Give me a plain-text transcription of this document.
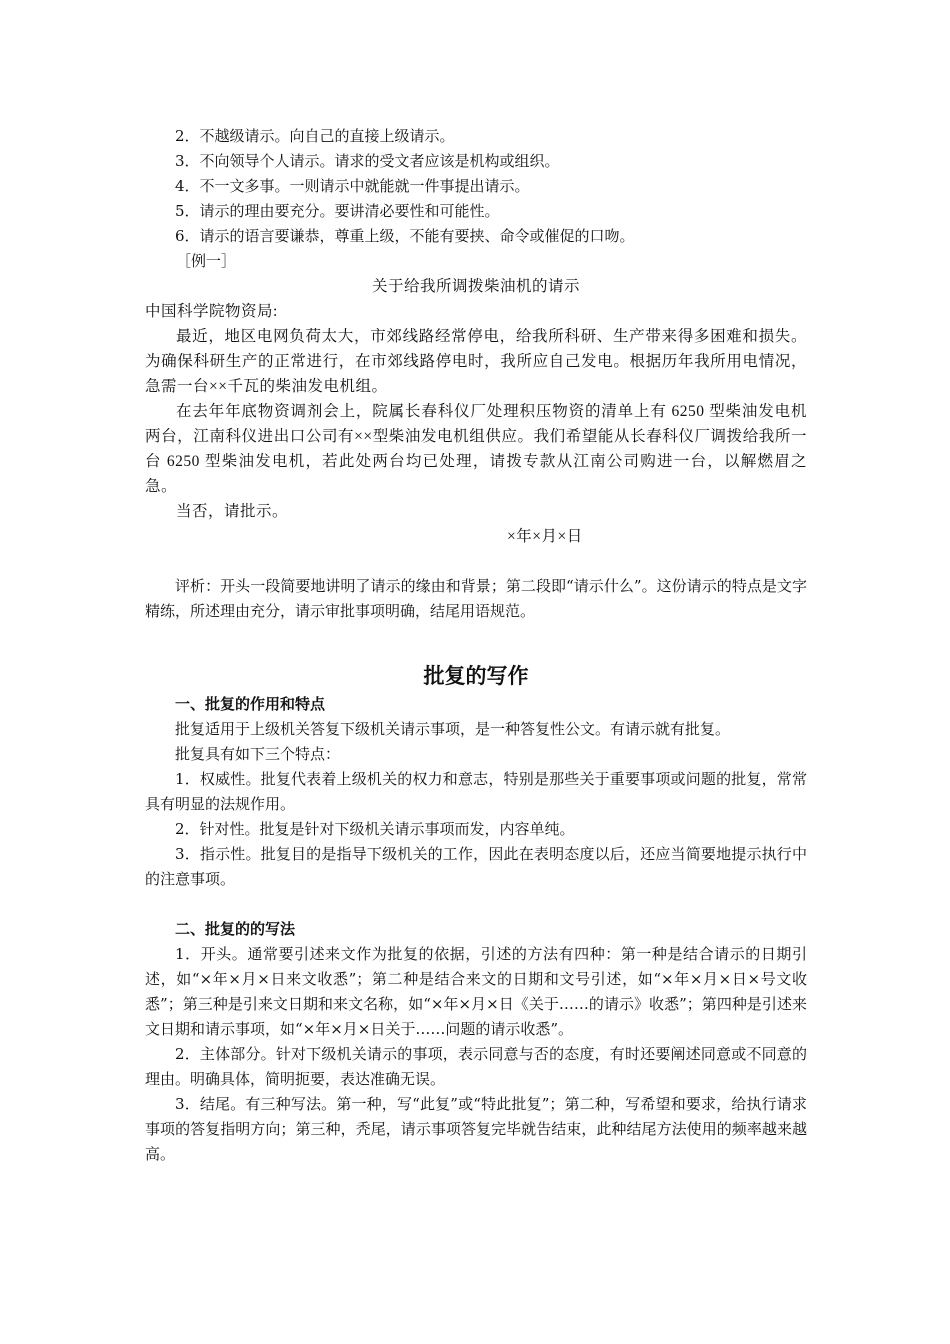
2．不越级请示。向自己的直接上级请示。

3．不向领导个人请示。请求的受文者应该是机构或组织。

4．不一文多事。一则请示中就能就一件事提出请示。

5．请示的理由要充分。要讲清必要性和可能性。

6．请示的语言要谦恭，尊重上级，不能有要挟、命令或催促的口吻。

［例一］

关于给我所调拨柴油机的请示

中国科学院物资局:

最近，地区电网负荷太大，市郊线路经常停电，给我所科研、生产带来得多困难和损失。为确保科研生产的正常进行，在市郊线路停电时，我所应自己发电。根据历年我所用电情况，急需一台××千瓦的柴油发电机组。

在去年年底物资调剂会上，院属长春科仪厂处理积压物资的清单上有 6250 型柴油发电机两台，江南科仪进出口公司有××型柴油发电机组供应。我们希望能从长春科仪厂调拨给我所一台 6250 型柴油发电机，若此处两台均已处理，请拨专款从江南公司购进一台，以解燃眉之急。

当否，请批示。

×年×月×日

评析：开头一段简要地讲明了请示的缘由和背景；第二段即“请示什么”。这份请示的特点是文字精练，所述理由充分，请示审批事项明确，结尾用语规范。

批复的写作

一、批复的作用和特点

批复适用于上级机关答复下级机关请示事项，是一种答复性公文。有请示就有批复。

批复具有如下三个特点：

1．权威性。批复代表着上级机关的权力和意志，特别是那些关于重要事项或问题的批复，常常具有明显的法规作用。

2．针对性。批复是针对下级机关请示事项而发，内容单纯。

3．指示性。批复目的是指导下级机关的工作，因此在表明态度以后，还应当简要地提示执行中的注意事项。

二、批复的的写法

1．开头。通常要引述来文作为批复的依据，引述的方法有四种：第一种是结合请示的日期引述，如“×年×月×日来文收悉”；第二种是结合来文的日期和文号引述，如“×年×月×日×号文收悉”；第三种是引来文日期和来文名称，如“×年×月×日《关于……的请示》收悉”；第四种是引述来文日期和请示事项，如“×年×月×日关于……问题的请示收悉”。

2．主体部分。针对下级机关请示的事项，表示同意与否的态度，有时还要阐述同意或不同意的理由。明确具体，简明扼要，表达准确无误。

3．结尾。有三种写法。第一种，写“此复”或“特此批复”；第二种，写希望和要求，给执行请求事项的答复指明方向；第三种，秃尾，请示事项答复完毕就告结束，此种结尾方法使用的频率越来越高。
